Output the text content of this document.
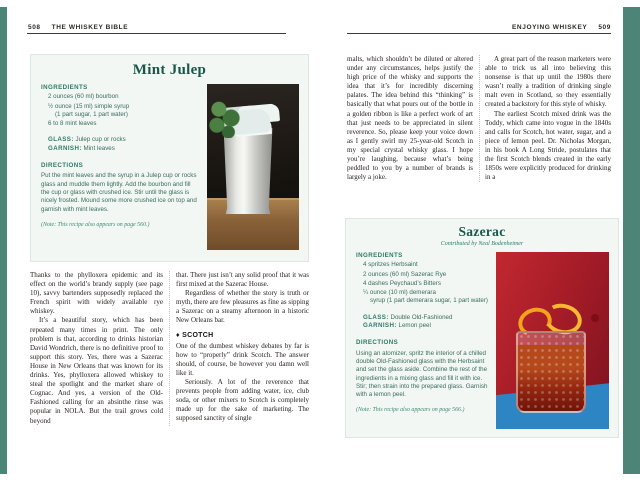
508 THE WHISKEY BIBLE	ENJOYING WHISKEY 509
Mint Julep
INGREDIENTS
2 ounces (60 ml) bourbon
½ ounce (15 ml) simple syrup
(1 part sugar, 1 part water)
6 to 8 mint leaves
GLASS: Julep cup or rocks
GARNISH: Mint leaves
DIRECTIONS
Put the mint leaves and the syrup in a Julep cup or rocks glass and muddle them lightly. Add the bourbon and fill the cup or glass with crushed ice. Stir until the glass is nicely frosted. Mound some more crushed ice on top and garnish with mint leaves.
(Note: This recipe also appears on page 560.)

Thanks to the phylloxera epidemic and its effect on the world’s brandy supply (see page 10), savvy bartenders supposedly replaced the French spirit with widely available rye whiskey.

It’s a beautiful story, which has been repeated many times in print. The only problem is that, according to drinks historian David Wondrich, there is no definitive proof to support this story. Yes, there was a Sazerac House in New Orleans that was known for its drinks. Yes, phylloxera allowed whiskey to steal the spotlight and the market share of Cognac. And yes, a version of the Old-Fashioned calling for an absinthe rinse was popular in NOLA. But the trail grows cold beyond

that. There just isn’t any solid proof that it was first mixed at the Sazerac House.

Regardless of whether the story is truth or myth, there are few pleasures as fine as sipping a Sazerac on a steamy afternoon in a historic New Orleans bar.

♦ SCOTCH

One of the dumbest whiskey debates by far is how to “properly” drink Scotch. The answer should, of course, be however you damn well like it.

Seriously. A lot of the reverence that prevents people from adding water, ice, club soda, or other mixers to Scotch is completely made up for the sake of marketing. The supposed sanctity of single

malts, which shouldn’t be diluted or altered under any circumstances, helps justify the high price of the whisky and supports the idea that it’s for incredibly discerning palates. The idea behind this “thinking” is basically that what pours out of the bottle in a golden ribbon is like a perfect work of art that just needs to be appreciated in silent reverence. So, please keep your voice down as I gently swirl my 25-year-old Scotch in my special crystal whisky glass. I hope you’re laughing, because what’s being peddled to you by a number of brands is largely a joke.

A great part of the reason marketers were able to trick us all into believing this nonsense is that up until the 1980s there wasn’t really a tradition of drinking single malt even in Scotland, so they essentially created a backstory for this style of whisky.

The earliest Scotch mixed drink was the Toddy, which came into vogue in the 1840s and calls for Scotch, hot water, sugar, and a piece of lemon peel. Dr. Nicholas Morgan, in his book A Long Stride, postulates that the first Scotch blends created in the early 1850s were explicitly produced for drinking in a

Sazerac
Contributed by Neal Bodenheimer
INGREDIENTS
4 spritzes Herbsaint
2 ounces (60 ml) Sazerac Rye
4 dashes Peychaud’s Bitters
¼ ounce (10 ml) demerara
syrup (1 part demerara sugar, 1 part water)
GLASS: Double Old-Fashioned
GARNISH: Lemon peel
DIRECTIONS
Using an atomizer, spritz the interior of a chilled double Old-Fashioned glass with the Herbsaint and set the glass aside. Combine the rest of the ingredients in a mixing glass and fill it with ice. Stir; then strain into the prepared glass. Garnish with a lemon peel.
(Note: This recipe also appears on page 566.)
